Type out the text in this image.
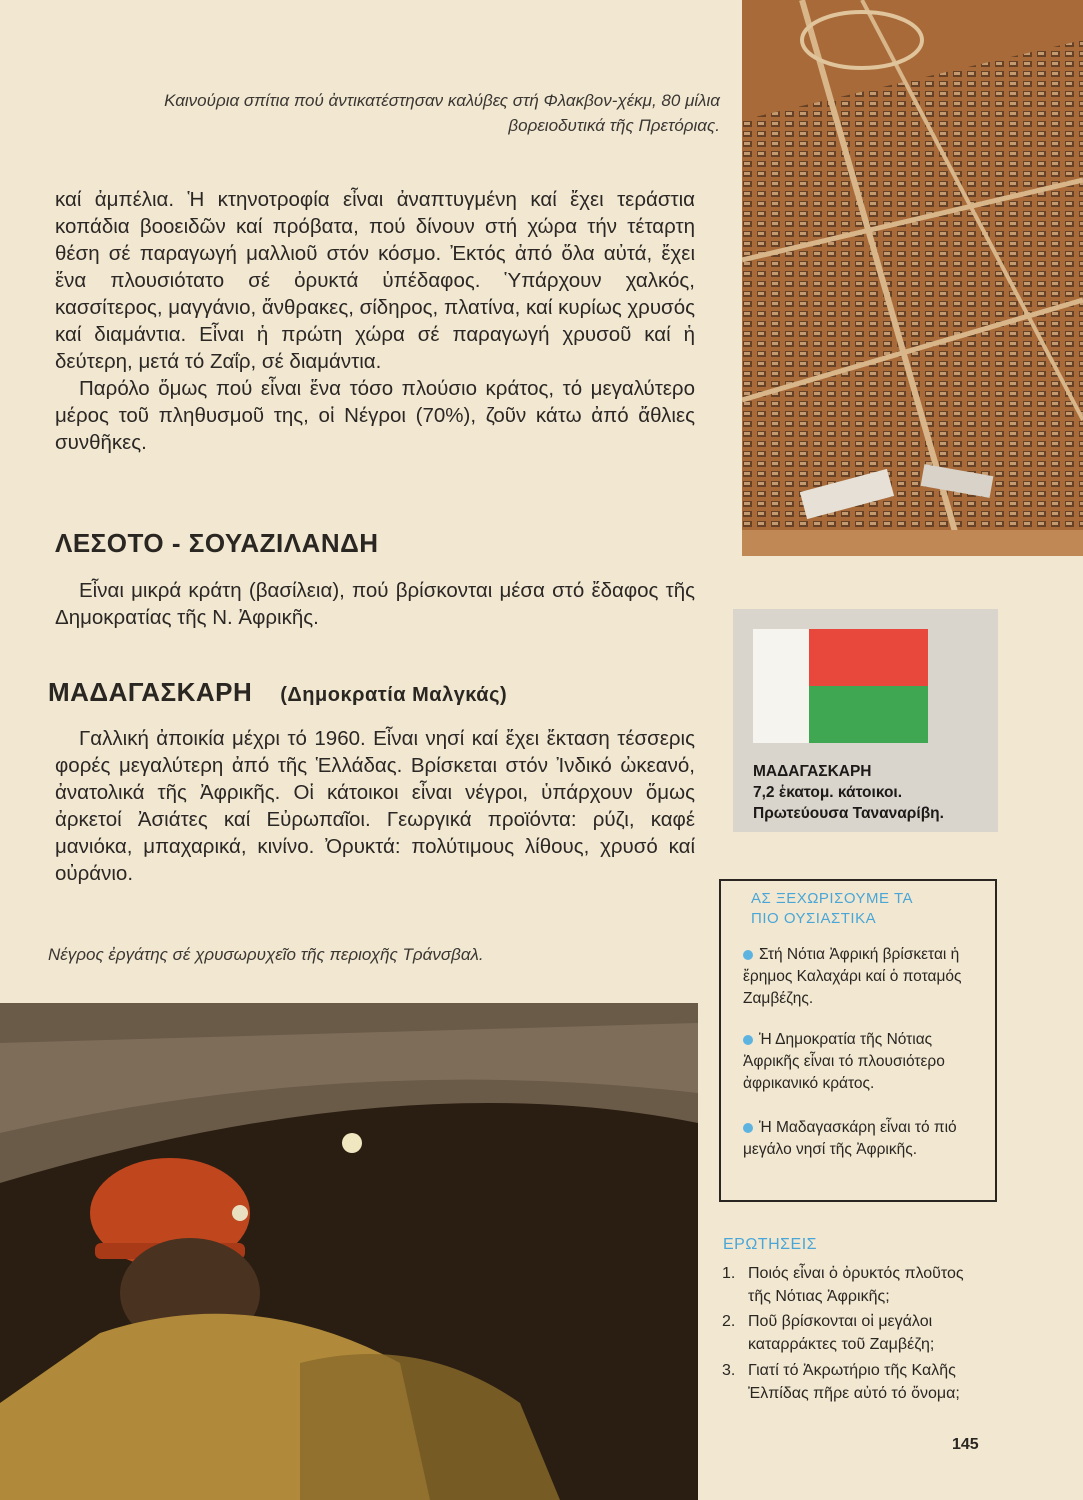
Καινούρια σπίτια πού ἀντικατέστησαν καλύβες στή Φλακβον-χέκμ, 80 μίλια βορειοδυτικά τῆς Πρετόριας.

καί ἀμπέλια. Ἡ κτηνοτροφία εἶναι ἀναπτυγμένη καί ἔχει τεράστια κοπάδια βοοειδῶν καί πρόβατα, πού δίνουν στή χώρα τήν τέταρτη θέση σέ παραγωγή μαλλιοῦ στόν κόσμο. Ἐκτός ἀπό ὅλα αὐτά, ἔχει ἕνα πλουσιότατο σέ ὀρυκτά ὑπέδαφος. Ὑπάρχουν χαλκός, κασσίτερος, μαγγάνιο, ἄνθρακες, σίδηρος, πλατίνα, καί κυρίως χρυσός καί διαμάντια. Εἶναι ἡ πρώτη χώρα σέ παραγωγή χρυσοῦ καί ἡ δεύτερη, μετά τό Ζαΐρ, σέ διαμάντια.

Παρόλο ὅμως πού εἶναι ἕνα τόσο πλούσιο κράτος, τό μεγαλύτερο μέρος τοῦ πληθυσμοῦ της, οἱ Νέγροι (70%), ζοῦν κάτω ἀπό ἄθλιες συνθῆκες.

ΛΕΣΟΤΟ - ΣΟΥΑΖΙΛΑΝΔΗ

Εἶναι μικρά κράτη (βασίλεια), πού βρίσκονται μέσα στό ἔδαφος τῆς Δημοκρατίας τῆς Ν. Ἀφρικῆς.

ΜΑΔΑΓΑΣΚΑΡΗ (Δημοκρατία Μαλγκάς)

Γαλλική ἀποικία μέχρι τό 1960. Εἶναι νησί καί ἔχει ἔκταση τέσσερις φορές μεγαλύτερη ἀπό τῆς Ἑλλάδας. Βρίσκεται στόν Ἰνδικό ὠκεανό, ἀνατολικά τῆς Ἀφρικῆς. Οἱ κάτοικοι εἶναι νέγροι, ὑπάρχουν ὅμως ἀρκετοί Ἀσιάτες καί Εὐρωπαῖοι. Γεωργικά προϊόντα: ρύζι, καφέ μανιόκα, μπαχαρικά, κινίνο. Ὀρυκτά: πολύτιμους λίθους, χρυσό καί οὐράνιο.

Νέγρος ἐργάτης σέ χρυσωρυχεῖο τῆς περιοχῆς Τράνσβαλ.
ΜΑΔΑΓΑΣΚΑΡΗ
7,2 ἑκατομ. κάτοικοι.
Πρωτεύουσα Ταναναρίβη.
ΑΣ ΞΕΧΩΡΙΣΟΥΜΕ ΤΑ ΠΙΟ ΟΥΣΙΑΣΤΙΚΑ
Στή Νότια Ἀφρική βρίσκεται ἡ ἔρημος Καλαχάρι καί ὁ ποταμός Ζαμβέζης.
Ἡ Δημοκρατία τῆς Νότιας Ἀφρικῆς εἶναι τό πλουσιότερο ἀφρικανικό κράτος.
Ἡ Μαδαγασκάρη εἶναι τό πιό μεγάλο νησί τῆς Ἀφρικῆς.
ΕΡΩΤΗΣΕΙΣ
1. Ποιός εἶναι ὁ ὀρυκτός πλοῦτος τῆς Νότιας Ἀφρικῆς;
2. Ποῦ βρίσκονται οἱ μεγάλοι καταρράκτες τοῦ Ζαμβέζη;
3. Γιατί τό Ἀκρωτήριο τῆς Καλῆς Ἐλπίδας πῆρε αὐτό τό ὄνομα;
145
